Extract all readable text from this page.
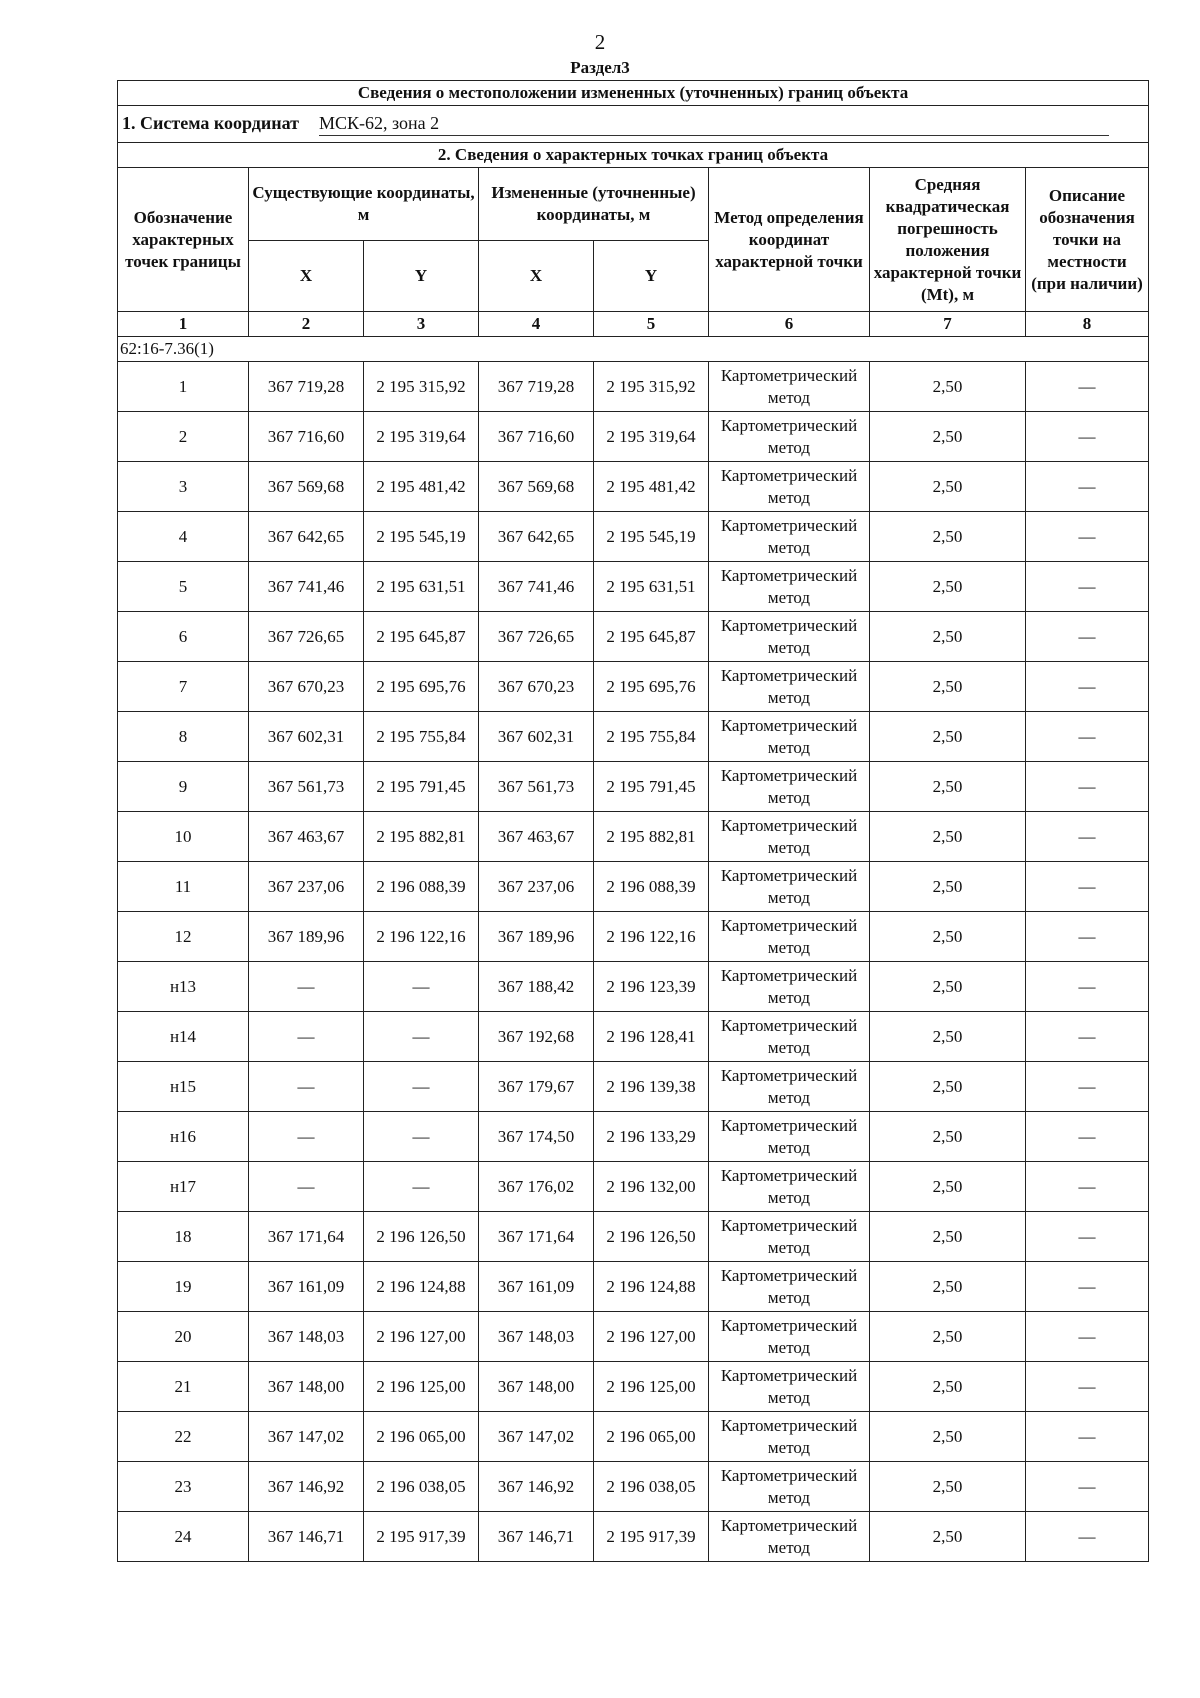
2
Раздел3
Сведения о местоположении измененных (уточненных) границ объекта							
1. Система координат МСК-62, зона 2							
2. Сведения о характерных точках границ объекта							
Обозначение характерных точек границы	Существующие координаты, м		Измененные (уточненные) координаты, м		Метод определения координат характерной точки	Средняя квадратическая погрешность положения характерной точки (Mt), м	Описание обозначения точки на местности (при наличии)
	X	Y	X	Y			
1	2	3	4	5	6	7	8
62:16-7.36(1)							
1	367 719,28	2 195 315,92	367 719,28	2 195 315,92	Картометрический метод	2,50	—
2	367 716,60	2 195 319,64	367 716,60	2 195 319,64	Картометрический метод	2,50	—
3	367 569,68	2 195 481,42	367 569,68	2 195 481,42	Картометрический метод	2,50	—
4	367 642,65	2 195 545,19	367 642,65	2 195 545,19	Картометрический метод	2,50	—
5	367 741,46	2 195 631,51	367 741,46	2 195 631,51	Картометрический метод	2,50	—
6	367 726,65	2 195 645,87	367 726,65	2 195 645,87	Картометрический метод	2,50	—
7	367 670,23	2 195 695,76	367 670,23	2 195 695,76	Картометрический метод	2,50	—
8	367 602,31	2 195 755,84	367 602,31	2 195 755,84	Картометрический метод	2,50	—
9	367 561,73	2 195 791,45	367 561,73	2 195 791,45	Картометрический метод	2,50	—
10	367 463,67	2 195 882,81	367 463,67	2 195 882,81	Картометрический метод	2,50	—
11	367 237,06	2 196 088,39	367 237,06	2 196 088,39	Картометрический метод	2,50	—
12	367 189,96	2 196 122,16	367 189,96	2 196 122,16	Картометрический метод	2,50	—
н13	—	—	367 188,42	2 196 123,39	Картометрический метод	2,50	—
н14	—	—	367 192,68	2 196 128,41	Картометрический метод	2,50	—
н15	—	—	367 179,67	2 196 139,38	Картометрический метод	2,50	—
н16	—	—	367 174,50	2 196 133,29	Картометрический метод	2,50	—
н17	—	—	367 176,02	2 196 132,00	Картометрический метод	2,50	—
18	367 171,64	2 196 126,50	367 171,64	2 196 126,50	Картометрический метод	2,50	—
19	367 161,09	2 196 124,88	367 161,09	2 196 124,88	Картометрический метод	2,50	—
20	367 148,03	2 196 127,00	367 148,03	2 196 127,00	Картометрический метод	2,50	—
21	367 148,00	2 196 125,00	367 148,00	2 196 125,00	Картометрический метод	2,50	—
22	367 147,02	2 196 065,00	367 147,02	2 196 065,00	Картометрический метод	2,50	—
23	367 146,92	2 196 038,05	367 146,92	2 196 038,05	Картометрический метод	2,50	—
24	367 146,71	2 195 917,39	367 146,71	2 195 917,39	Картометрический метод	2,50	—
